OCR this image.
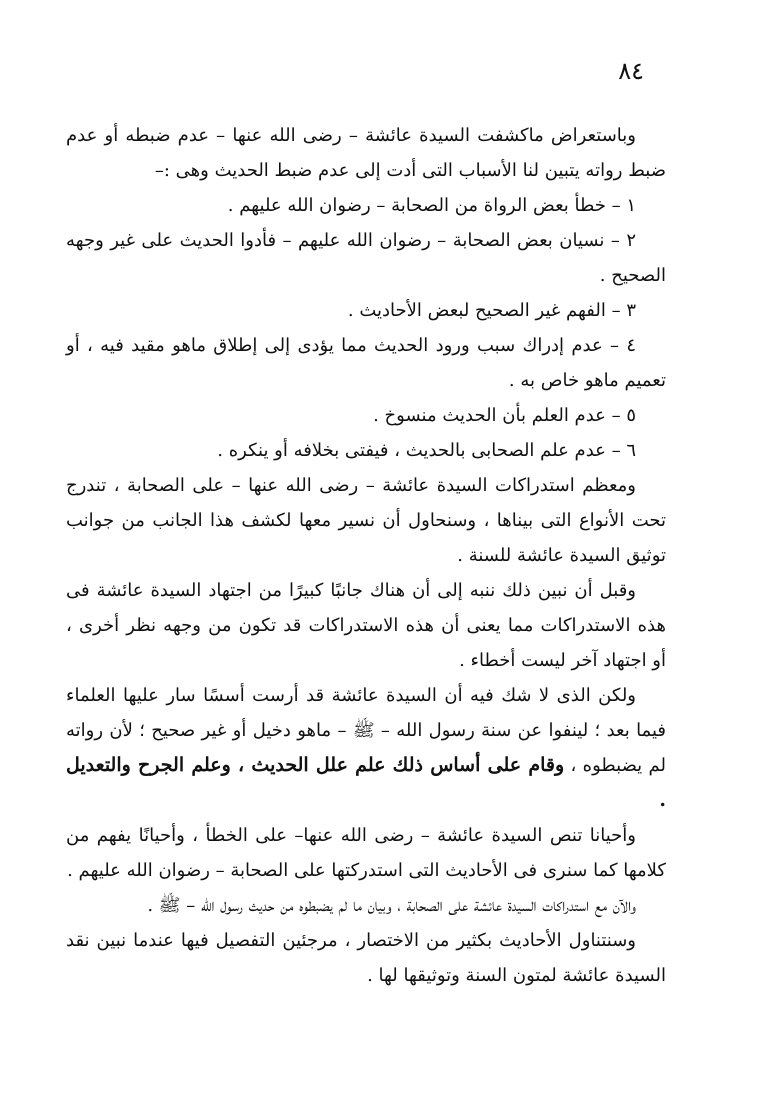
٨٤

وباستعراض ماكشفت السيدة عائشة – رضى الله عنها – عدم ضبطه أو عدم ضبط رواته يتبين لنا الأسباب التى أدت إلى عدم ضبط الحديث وهى :–

١ – خطأ بعض الرواة من الصحابة – رضوان الله عليهم .

٢ – نسيان بعض الصحابة – رضوان الله عليهم – فأدوا الحديث على غير وجهه الصحيح .

٣ – الفهم غير الصحيح لبعض الأحاديث .

٤ – عدم إدراك سبب ورود الحديث مما يؤدى إلى إطلاق ماهو مقيد فيه ، أو تعميم ماهو خاص به .

٥ – عدم العلم بأن الحديث منسوخ .

٦ – عدم علم الصحابى بالحديث ، فيفتى بخلافه أو ينكره .

ومعظم استدراكات السيدة عائشة – رضى الله عنها – على الصحابة ، تندرج تحت الأنواع التى بيناها ، وسنحاول أن نسير معها لكشف هذا الجانب من جوانب توثيق السيدة عائشة للسنة .

وقبل أن نبين ذلك ننبه إلى أن هناك جانبًا كبيرًا من اجتهاد السيدة عائشة فى هذه الاستدراكات مما يعنى أن هذه الاستدراكات قد تكون من وجهه نظر أخرى ، أو اجتهاد آخر ليست أخطاء .

ولكن الذى لا شك فيه أن السيدة عائشة قد أرست أسسًا سار عليها العلماء فيما بعد ؛ لينفوا عن سنة رسول الله – ﷺ – ماهو دخيل أو غير صحيح ؛ لأن رواته لم يضبطوه ، وقام على أساس ذلك علم علل الحديث ، وعلم الجرح والتعديل .

وأحيانا تنص السيدة عائشة – رضى الله عنها– على الخطأ ، وأحيانًا يفهم من كلامها كما سنرى فى الأحاديث التى استدركتها على الصحابة – رضوان الله عليهم .

والآن مع استدراكات السيدة عائشة على الصحابة ، وبيان ما لم يضبطوه من حديث رسول الله – ﷺ .

وسنتناول الأحاديث بكثير من الاختصار ، مرجئين التفصيل فيها عندما نبين نقد السيدة عائشة لمتون السنة وتوثيقها لها .
